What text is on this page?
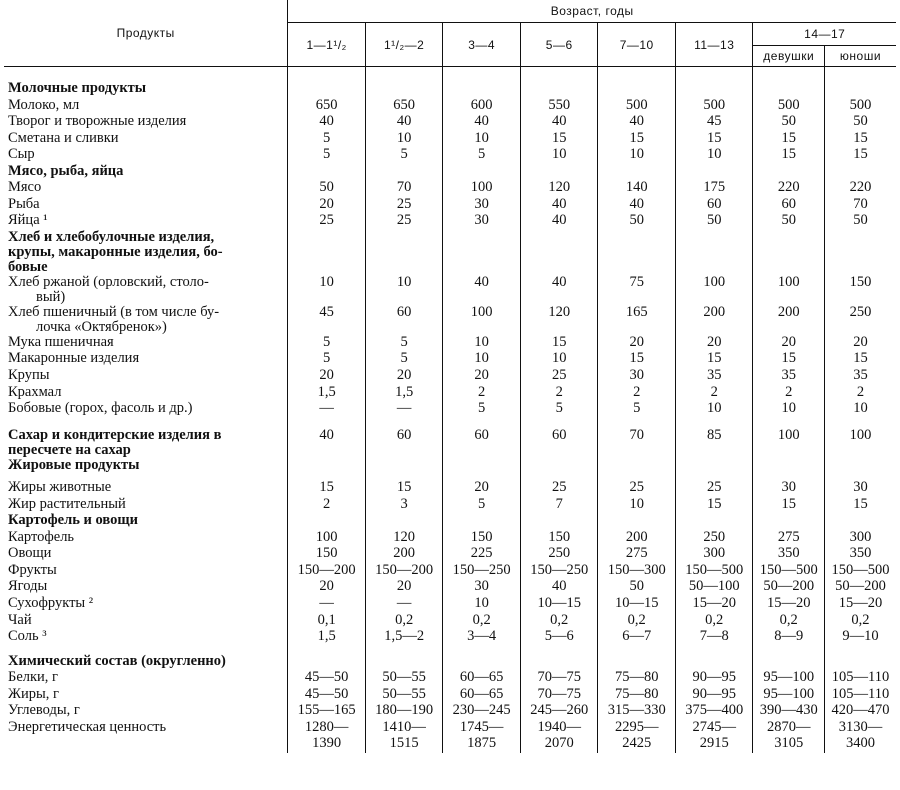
Продукты	Возраст, годы							
	1—1¹/₂	1¹/₂—2	3—4	5—6	7—10	11—13	14—17	
							девушки	юноши

Молочные продукты								
Молоко, мл	650	650	600	550	500	500	500	500
Творог и творожные изделия	40	40	40	40	40	45	50	50
Сметана и сливки	5	10	10	15	15	15	15	15
Сыр	5	5	5	10	10	10	15	15
Мясо, рыба, яйца								
Мясо	50	70	100	120	140	175	220	220
Рыба	20	25	30	40	40	60	60	70
Яйца ¹	25	25	30	40	50	50	50	50

Хлеб и хлебобулочные изделия,
крупы, макаронные изделия, бо-
бовые								

Хлеб ржаной (орловский, столо-
вый)	10	10	40	40	75	100	100	150

Хлеб пшеничный (в том числе бу-
лочка «Октябренок»)	45	60	100	120	165	200	200	250
Мука пшеничная	5	5	10	15	20	20	20	20
Макаронные изделия	5	5	10	10	15	15	15	15
Крупы	20	20	20	25	30	35	35	35
Крахмал	1,5	1,5	2	2	2	2	2	2
Бобовые (горох, фасоль и др.)	—	—	5	5	5	10	10	10

Сахар и кондитерские изделия в
пересчете на сахар	40	60	60	60	70	85	100	100
Жировые продукты								

Жиры животные	15	15	20	25	25	25	30	30
Жир растительный	2	3	5	7	10	15	15	15
Картофель и овощи								
Картофель	100	120	150	150	200	250	275	300
Овощи	150	200	225	250	275	300	350	350
Фрукты	150—200	150—200	150—250	150—250	150—300	150—500	150—500	150—500
Ягоды	20	20	30	40	50	50—100	50—200	50—200
Сухофрукты ²	—	—	10	10—15	10—15	15—20	15—20	15—20
Чай	0,1	0,2	0,2	0,2	0,2	0,2	0,2	0,2
Соль ³	1,5	1,5—2	3—4	5—6	6—7	7—8	8—9	9—10

Химический состав (округленно)								
Белки, г	45—50	50—55	60—65	70—75	75—80	90—95	95—100	105—110
Жиры, г	45—50	50—55	60—65	70—75	75—80	90—95	95—100	105—110
Углеводы, г	155—165	180—190	230—245	245—260	315—330	375—400	390—430	420—470
Энергетическая ценность	1280—	1410—	1745—	1940—	2295—	2745—	2870—	3130—
	1390	1515	1875	2070	2425	2915	3105	3400
